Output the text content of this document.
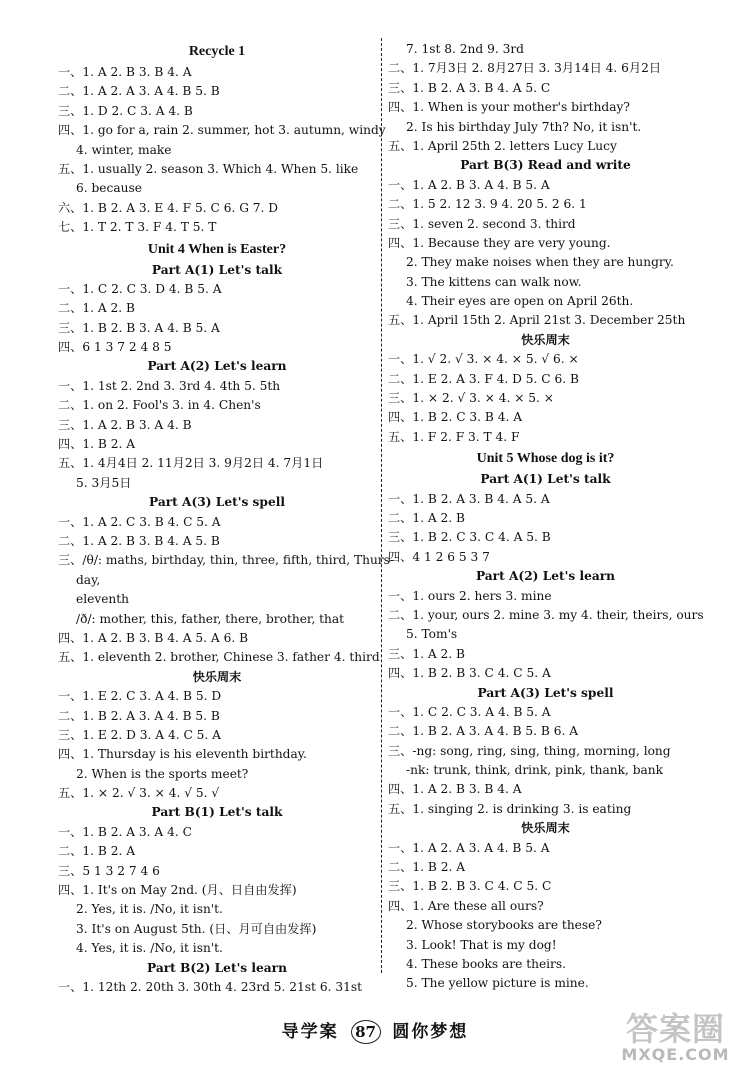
Recycle 1
一、1. A 2. B 3. B 4. A
二、1. A 2. A 3. A 4. B 5. B
三、1. D 2. C 3. A 4. B
四、1. go for a, rain 2. summer, hot 3. autumn, windy
4. winter, make
五、1. usually 2. season 3. Which 4. When 5. like
6. because
六、1. B 2. A 3. E 4. F 5. C 6. G 7. D
七、1. T 2. T 3. F 4. T 5. T
Unit 4 When is Easter?
Part A(1) Let's talk
一、1. C 2. C 3. D 4. B 5. A
二、1. A 2. B
三、1. B 2. B 3. A 4. B 5. A
四、6 1 3 7 2 4 8 5
Part A(2) Let's learn
一、1. 1st 2. 2nd 3. 3rd 4. 4th 5. 5th
二、1. on 2. Fool's 3. in 4. Chen's
三、1. A 2. B 3. A 4. B
四、1. B 2. A
五、1. 4月4日 2. 11月2日 3. 9月2日 4. 7月1日
5. 3月5日
Part A(3) Let's spell
一、1. A 2. C 3. B 4. C 5. A
二、1. A 2. B 3. B 4. A 5. B
三、/θ/: maths, birthday, thin, three, fifth, third, Thurs-
day,
eleventh
/ð/: mother, this, father, there, brother, that
四、1. A 2. B 3. B 4. A 5. A 6. B
五、1. eleventh 2. brother, Chinese 3. father 4. third
快乐周末
一、1. E 2. C 3. A 4. B 5. D
二、1. B 2. A 3. A 4. B 5. B
三、1. E 2. D 3. A 4. C 5. A
四、1. Thursday is his eleventh birthday.
2. When is the sports meet?
五、1. × 2. √ 3. × 4. √ 5. √
Part B(1) Let's talk
一、1. B 2. A 3. A 4. C
二、1. B 2. A
三、5 1 3 2 7 4 6
四、1. It's on May 2nd. (月、日自由发挥)
2. Yes, it is. /No, it isn't.
3. It's on August 5th. (日、月可自由发挥)
4. Yes, it is. /No, it isn't.
Part B(2) Let's learn
一、1. 12th 2. 20th 3. 30th 4. 23rd 5. 21st 6. 31st
7. 1st 8. 2nd 9. 3rd
二、1. 7月3日 2. 8月27日 3. 3月14日 4. 6月2日
三、1. B 2. A 3. B 4. A 5. C
四、1. When is your mother's birthday?
2. Is his birthday July 7th? No, it isn't.
五、1. April 25th 2. letters Lucy Lucy
Part B(3) Read and write
一、1. A 2. B 3. A 4. B 5. A
二、1. 5 2. 12 3. 9 4. 20 5. 2 6. 1
三、1. seven 2. second 3. third
四、1. Because they are very young.
2. They make noises when they are hungry.
3. The kittens can walk now.
4. Their eyes are open on April 26th.
五、1. April 15th 2. April 21st 3. December 25th
快乐周末
一、1. √ 2. √ 3. × 4. × 5. √ 6. ×
二、1. E 2. A 3. F 4. D 5. C 6. B
三、1. × 2. √ 3. × 4. × 5. ×
四、1. B 2. C 3. B 4. A
五、1. F 2. F 3. T 4. F
Unit 5 Whose dog is it?
Part A(1) Let's talk
一、1. B 2. A 3. B 4. A 5. A
二、1. A 2. B
三、1. B 2. C 3. C 4. A 5. B
四、4 1 2 6 5 3 7
Part A(2) Let's learn
一、1. ours 2. hers 3. mine
二、1. your, ours 2. mine 3. my 4. their, theirs, ours
5. Tom's
三、1. A 2. B
四、1. B 2. B 3. C 4. C 5. A
Part A(3) Let's spell
一、1. C 2. C 3. A 4. B 5. A
二、1. B 2. A 3. A 4. B 5. B 6. A
三、-ng: song, ring, sing, thing, morning, long
-nk: trunk, think, drink, pink, thank, bank
四、1. A 2. B 3. B 4. A
五、1. singing 2. is drinking 3. is eating
快乐周末
一、1. A 2. A 3. A 4. B 5. A
二、1. B 2. A
三、1. B 2. B 3. C 4. C 5. C
四、1. Are these all ours?
2. Whose storybooks are these?
3. Look! That is my dog!
4. These books are theirs.
5. The yellow picture is mine.
导学案 87 圆你梦想	答案圈
MXQE.COM
